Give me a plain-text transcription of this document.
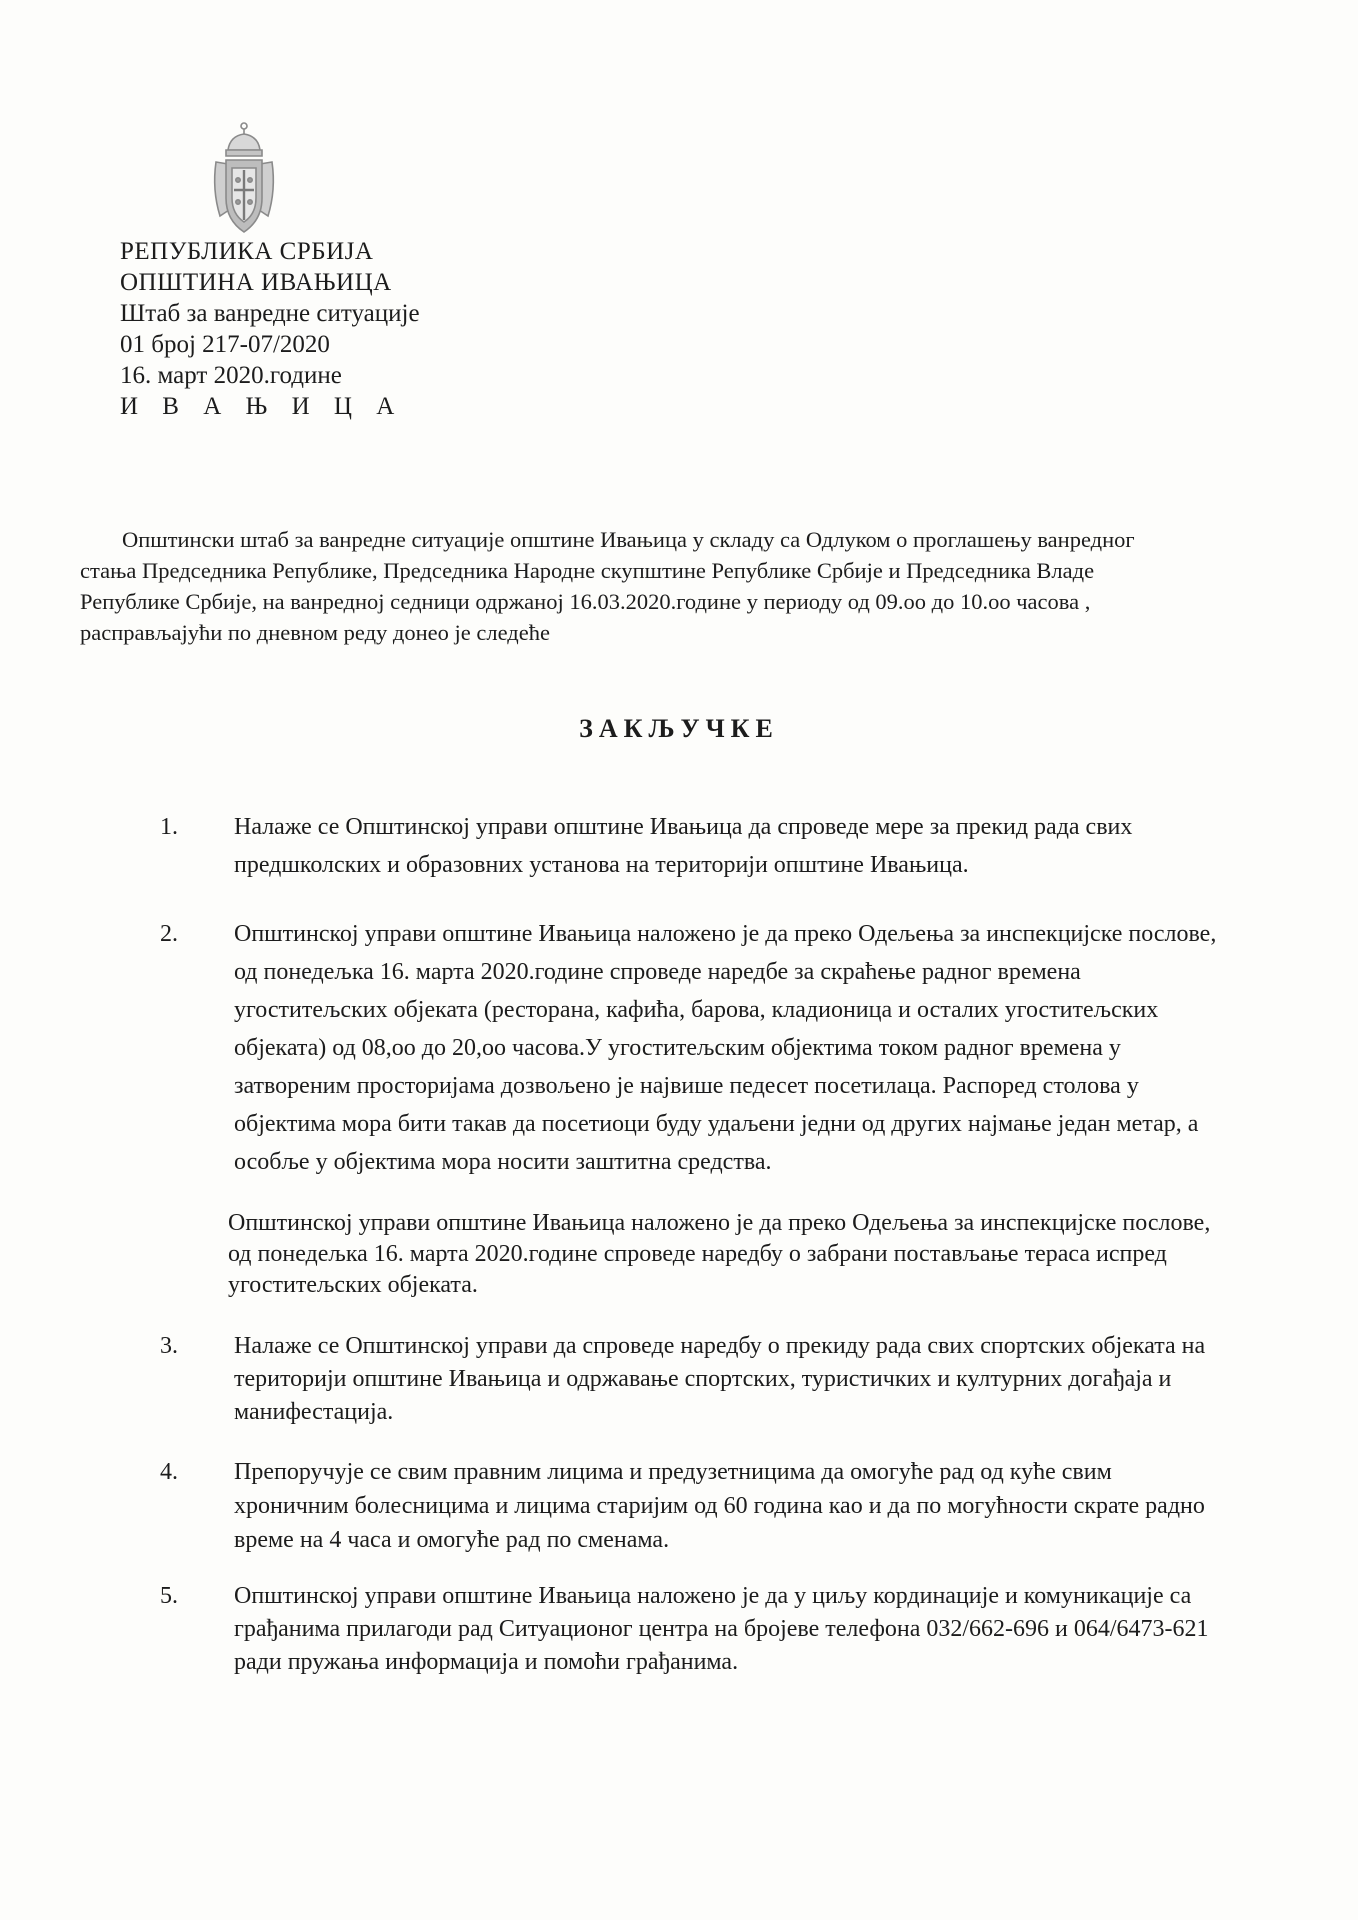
РЕПУБЛИКА СРБИЈА
ОПШТИНА ИВАЊИЦА
Штаб за ванредне ситуације
01 број 217-07/2020
16. март 2020.године
И В А Њ И Ц А

Општински штаб за ванредне ситуације општине Ивањица у складу са Одлуком о проглашењу ванредног стања Председника Републике, Председника Народне скупштине Републике Србије и Председника Владе Републике Србије, на ванредној седници одржаној 16.03.2020.године у периоду од 09.оо до 10.оо часова , расправљајући по дневном реду донео је следеће

ЗАКЉУЧКЕ
1.	Налаже се Општинској управи општине Ивањица да спроведе мере за прекид рада свих предшколских и образовних установа на територији општине Ивањица.

2.	Општинској управи општине Ивањица наложено је да преко Одељења за инспекцијске послове, од понедељка 16. марта 2020.године спроведе наредбе за скраћење радног времена угоститељских објеката (ресторана, кафића, барова, кладионица и осталих угоститељских објеката) од 08,оо до 20,оо часова.У угоститељским објектима током радног времена у затвореним просторијама дозвољено је највише педесет посетилаца. Распоред столова у објектима мора бити такав да посетиоци буду удаљени једни од других најмање један метар, а особље у објектима мора носити заштитна средства.

Општинској управи општине Ивањица наложено је да преко Одељења за инспекцијске послове, од понедељка 16. марта 2020.године спроведе наредбу о забрани постављање тераса испред угоститељских објеката.

3.	Налаже се Општинској управи да спроведе наредбу о прекиду рада свих спортских објеката на територији општине Ивањица и одржавање спортских, туристичких и културних догађаја и манифестација.

4.	Препоручује се свим правним лицима и предузетницима да омогуће рад од куће свим хроничним болесницима и лицима старијим од 60 година као и да по могућности скрате радно време на 4 часа и омогуће рад по сменама.

5.	Општинској управи општине Ивањица наложено је да у циљу кординације и комуникације са грађанима прилагоди рад Ситуационог центра на бројеве телефона 032/662-696 и 064/6473-621 ради пружања информација и помоћи грађанима.
